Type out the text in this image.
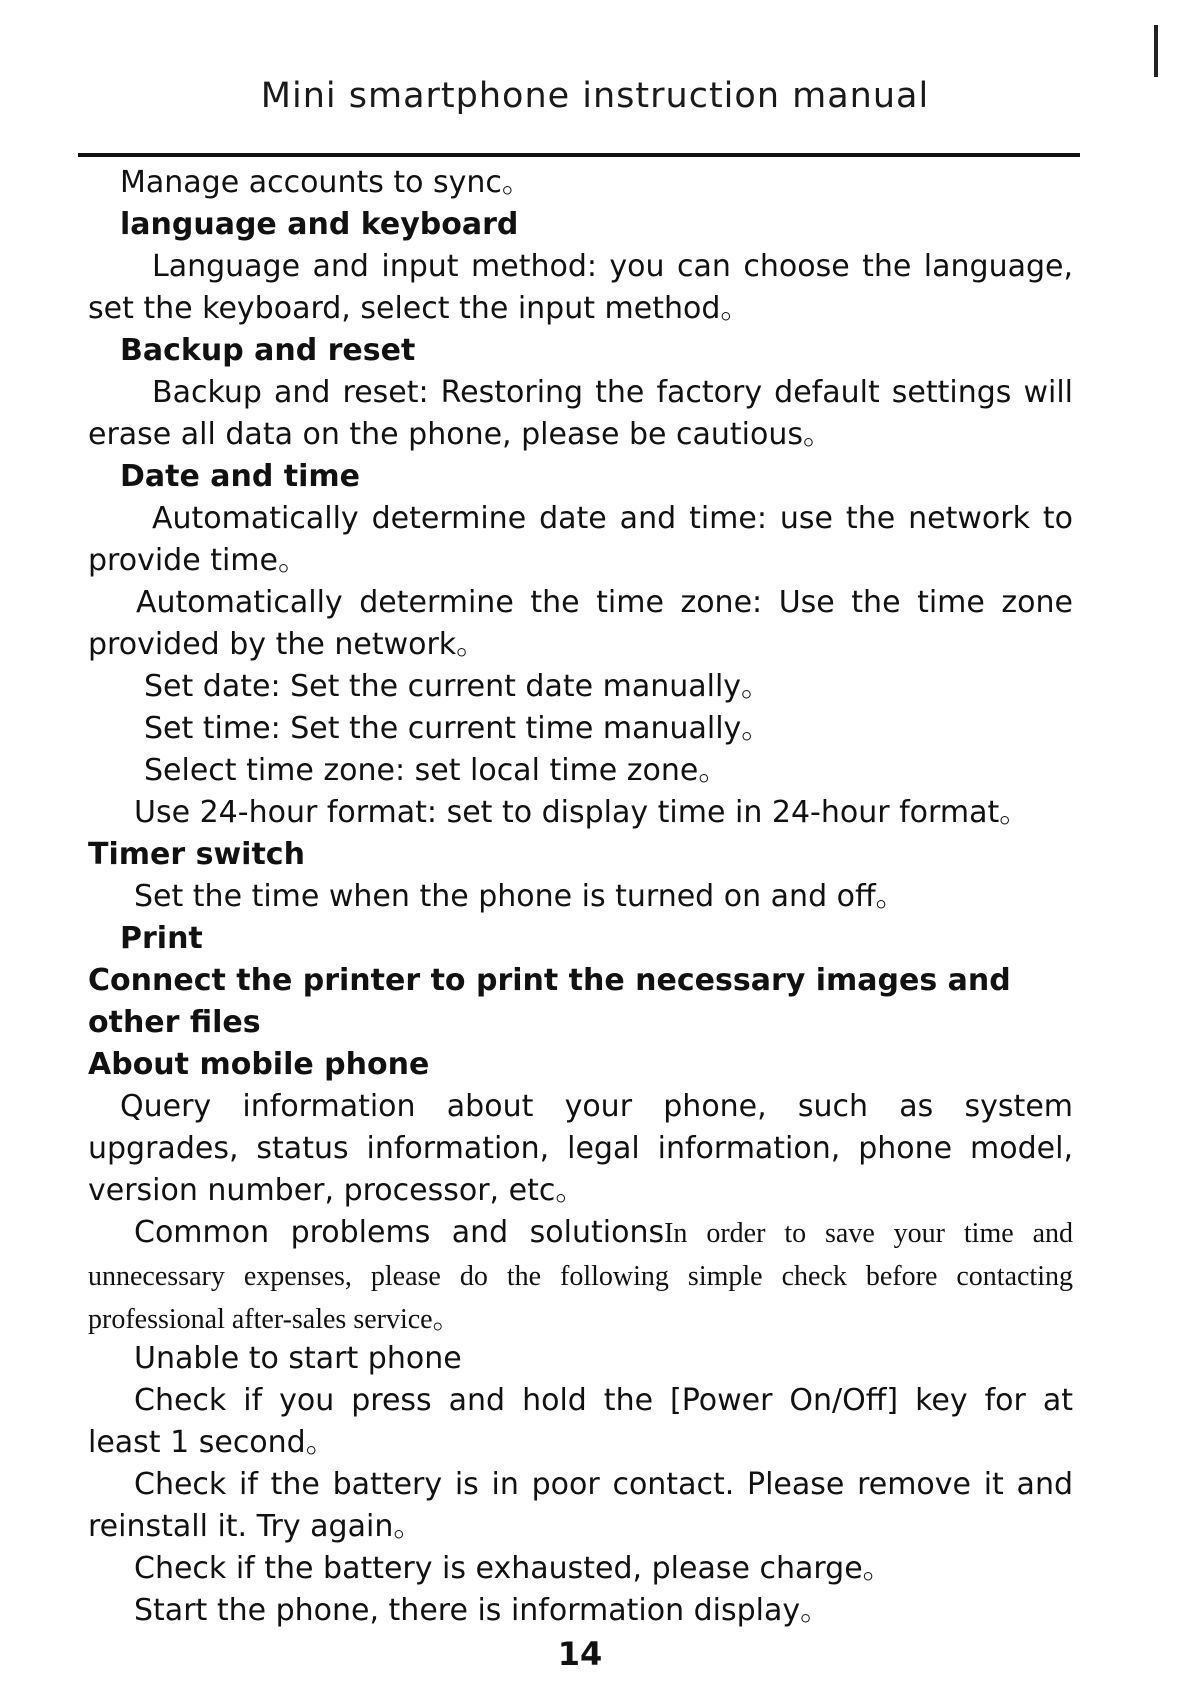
Mini smartphone instruction manual
Manage accounts to sync。
language and keyboard
Language and input method: you can choose the language, set the keyboard, select the input method。
Backup and reset
Backup and reset: Restoring the factory default settings will erase all data on the phone, please be cautious。
Date and time
Automatically determine date and time: use the network to provide time。
Automatically determine the time zone: Use the time zone provided by the network。
Set date: Set the current date manually。
Set time: Set the current time manually。
Select time zone: set local time zone。
Use 24-hour format: set to display time in 24-hour format。
Timer switch
Set the time when the phone is turned on and off。
Print
Connect the printer to print the necessary images and other files
About mobile phone
Query information about your phone, such as system upgrades, status information, legal information, phone model, version number, processor, etc。
Common problems and solutionsIn order to save your time and unnecessary expenses, please do the following simple check before contacting professional after-sales service。
Unable to start phone
Check if you press and hold the [Power On/Off] key for at least 1 second。
Check if the battery is in poor contact. Please remove it and reinstall it. Try again。
Check if the battery is exhausted, please charge。
Start the phone, there is information display。
14
